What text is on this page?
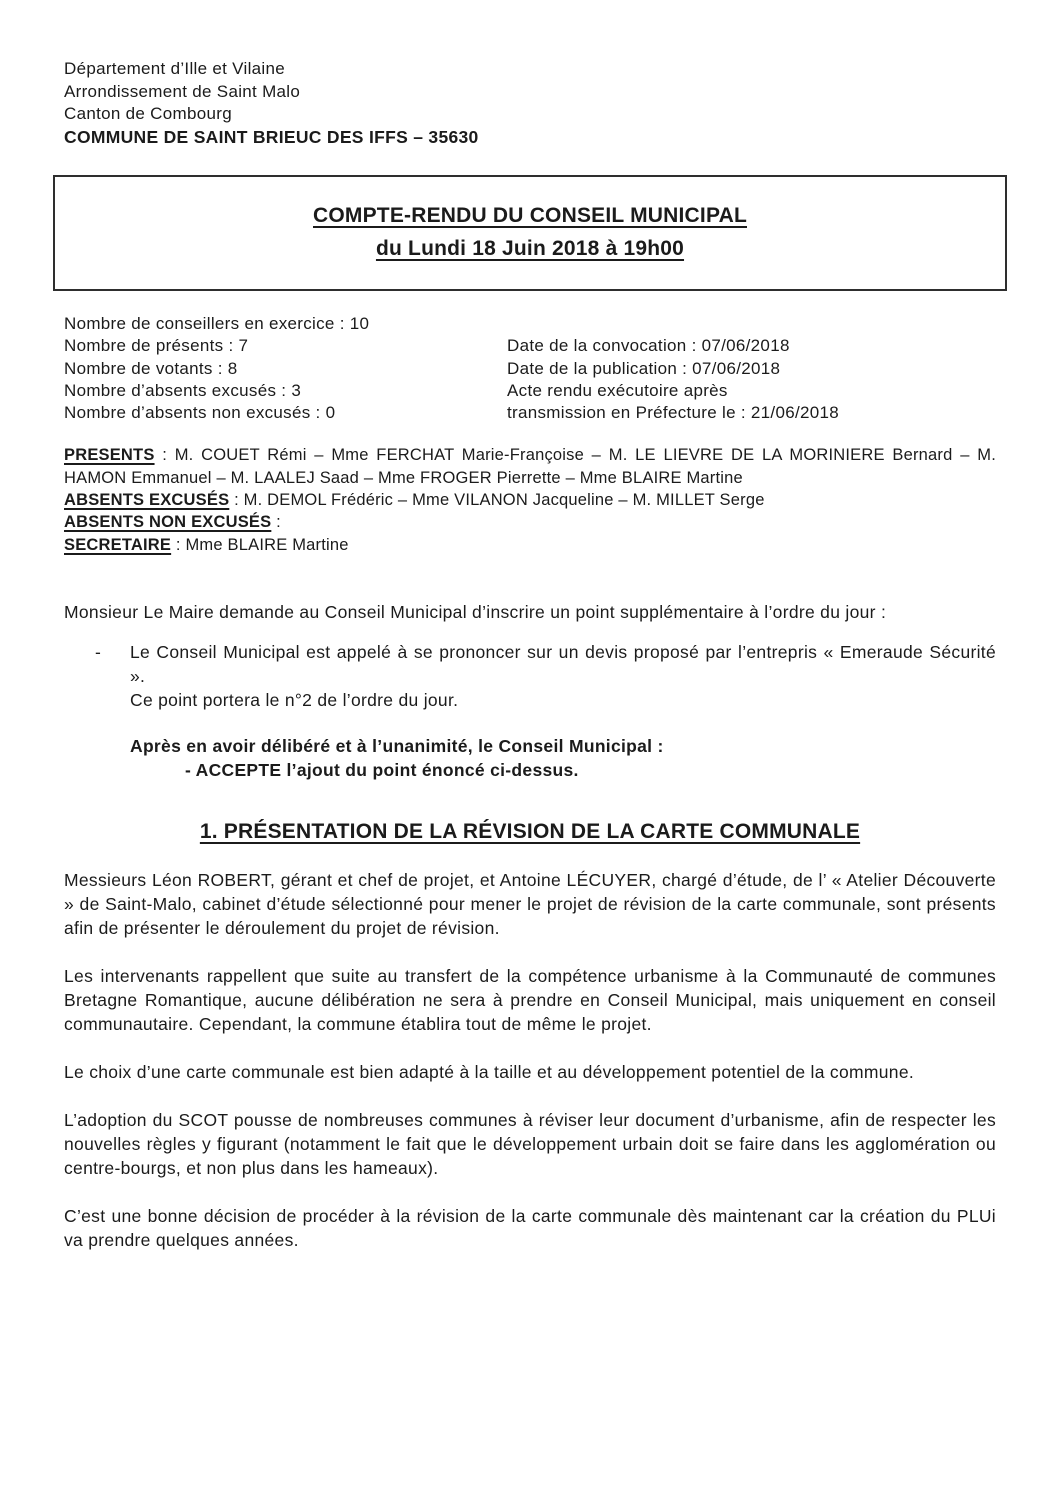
Département d’Ille et Vilaine
Arrondissement de Saint Malo
Canton de Combourg
COMMUNE DE SAINT BRIEUC DES IFFS – 35630
COMPTE-RENDU DU CONSEIL MUNICIPAL
du Lundi 18 Juin 2018 à 19h00
Nombre de conseillers en exercice : 10
Nombre de présents : 7	Date de la convocation : 07/06/2018
Nombre de votants : 8	Date de la publication : 07/06/2018
Nombre d’absents excusés : 3	Acte rendu exécutoire après
Nombre d’absents non excusés : 0	transmission en Préfecture le : 21/06/2018
PRESENTS : M. COUET Rémi – Mme FERCHAT Marie-Françoise – M. LE LIEVRE DE LA MORINIERE Bernard – M. HAMON Emmanuel – M. LAALEJ Saad – Mme FROGER Pierrette – Mme BLAIRE Martine
ABSENTS EXCUSÉS : M. DEMOL Frédéric – Mme VILANON Jacqueline – M. MILLET Serge
ABSENTS NON EXCUSÉS :
SECRETAIRE : Mme BLAIRE Martine

Monsieur Le Maire demande au Conseil Municipal d’inscrire un point supplémentaire à l’ordre du jour :

-	Le Conseil Municipal est appelé à se prononcer sur un devis proposé par l’entrepris « Emeraude Sécurité ».
Ce point portera le n°2 de l’ordre du jour.
Après en avoir délibéré et à l’unanimité, le Conseil Municipal :
- ACCEPTE l’ajout du point énoncé ci-dessus.
1. PRÉSENTATION DE LA RÉVISION DE LA CARTE COMMUNALE

Messieurs Léon ROBERT, gérant et chef de projet, et Antoine LÉCUYER, chargé d’étude, de l’ « Atelier Découverte » de Saint-Malo, cabinet d’étude sélectionné pour mener le projet de révision de la carte communale, sont présents afin de présenter le déroulement du projet de révision.

Les intervenants rappellent que suite au transfert de la compétence urbanisme à la Communauté de communes Bretagne Romantique, aucune délibération ne sera à prendre en Conseil Municipal, mais uniquement en conseil communautaire. Cependant, la commune établira tout de même le projet.

Le choix d’une carte communale est bien adapté à la taille et au développement potentiel de la commune.

L’adoption du SCOT pousse de nombreuses communes à réviser leur document d’urbanisme, afin de respecter les nouvelles règles y figurant (notamment le fait que le développement urbain doit se faire dans les agglomération ou centre-bourgs, et non plus dans les hameaux).

C’est une bonne décision de procéder à la révision de la carte communale dès maintenant car la création du PLUi va prendre quelques années.
